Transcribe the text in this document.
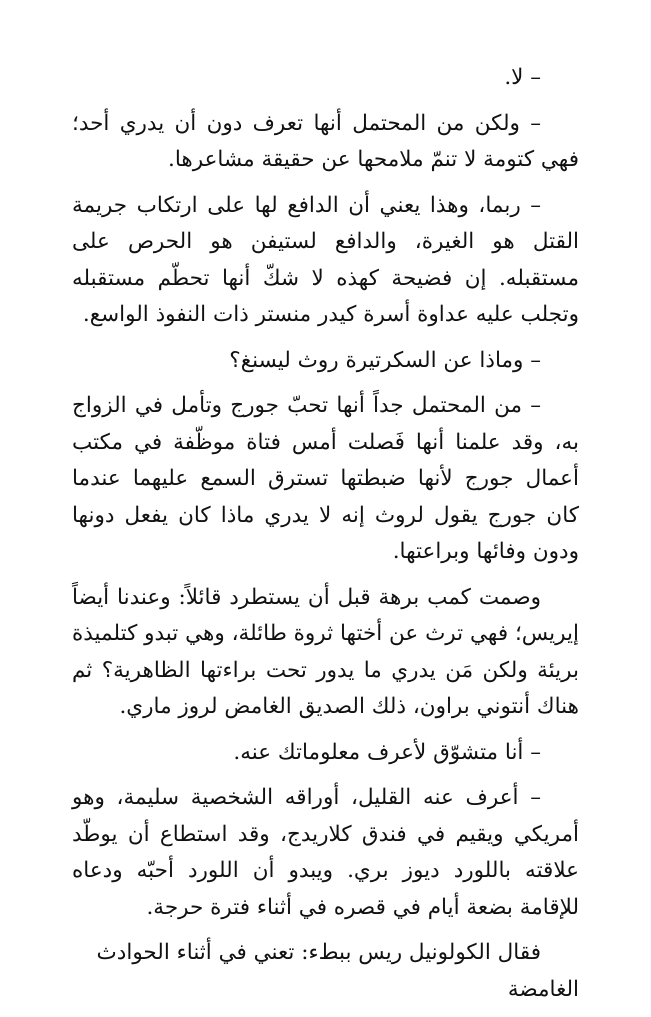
– لا.

– ولكن من المحتمل أنها تعرف دون أن يدري أحد؛ فهي كتومة لا تنمّ ملامحها عن حقيقة مشاعرها.

– ربما، وهذا يعني أن الدافع لها على ارتكاب جريمة القتل هو الغيرة، والدافع لستيفن هو الحرص على مستقبله. إن فضيحة كهذه لا شكّ أنها تحطّم مستقبله وتجلب عليه عداوة أسرة كيدر منستر ذات النفوذ الواسع.

– وماذا عن السكرتيرة روث ليسنغ؟

– من المحتمل جداً أنها تحبّ جورج وتأمل في الزواج به، وقد علمنا أنها فَصلت أمس فتاة موظّفة في مكتب أعمال جورج لأنها ضبطتها تسترق السمع عليهما عندما كان جورج يقول لروث إنه لا يدري ماذا كان يفعل دونها ودون وفائها وبراعتها.

وصمت كمب برهة قبل أن يستطرد قائلاً: وعندنا أيضاً إيريس؛ فهي ترث عن أختها ثروة طائلة، وهي تبدو كتلميذة بريئة ولكن مَن يدري ما يدور تحت براءتها الظاهرية؟ ثم هناك أنتوني براون، ذلك الصديق الغامض لروز ماري.

– أنا متشوّق لأعرف معلوماتك عنه.

– أعرف عنه القليل، أوراقه الشخصية سليمة، وهو أمريكي ويقيم في فندق كلاريدج، وقد استطاع أن يوطّد علاقته باللورد ديوز بري. ويبدو أن اللورد أحبّه ودعاه للإقامة بضعة أيام في قصره في أثناء فترة حرجة.

فقال الكولونيل ريس ببطء: تعني في أثناء الحوادث الغامضة
